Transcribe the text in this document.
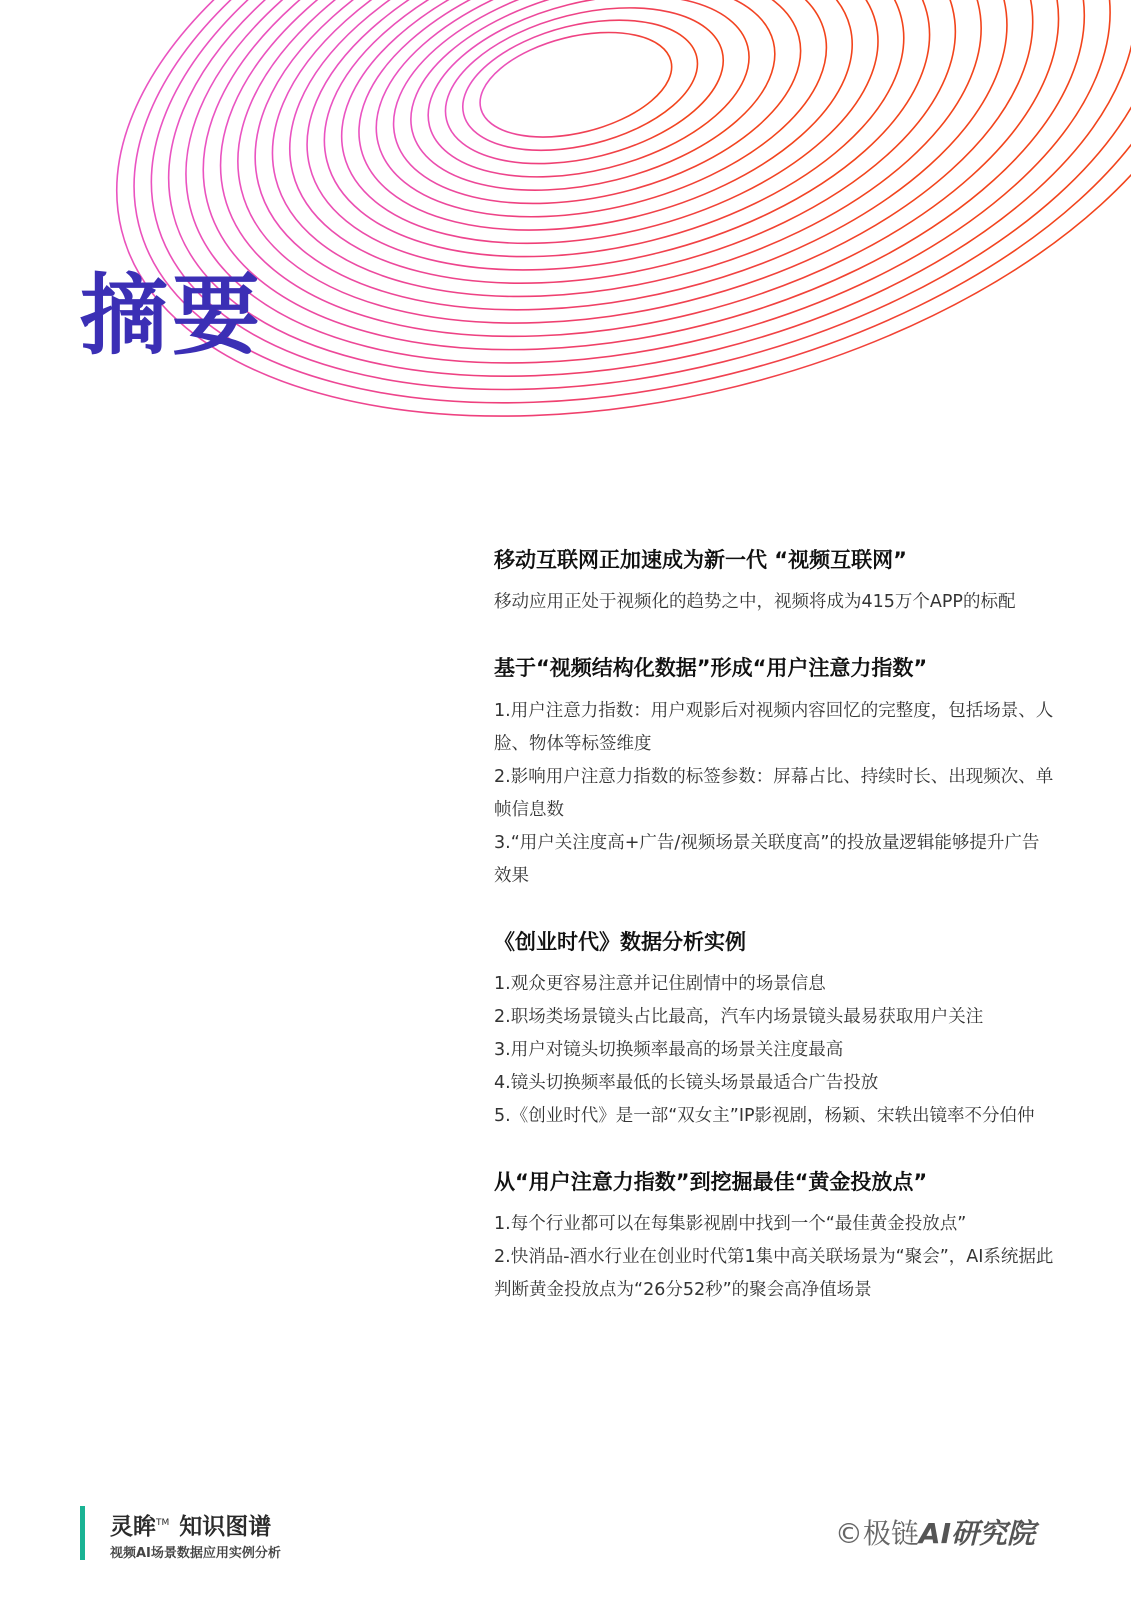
摘要
移动互联网正加速成为新一代 “视频互联网”

移动应用正处于视频化的趋势之中，视频将成为415万个APP的标配

基于“视频结构化数据”形成“用户注意力指数”

1.用户注意力指数：用户观影后对视频内容回忆的完整度，包括场景、人脸、物体等标签维度

2.影响用户注意力指数的标签参数：屏幕占比、持续时长、出现频次、单帧信息数

3.“用户关注度高+广告/视频场景关联度高”的投放量逻辑能够提升广告效果

《创业时代》数据分析实例

1.观众更容易注意并记住剧情中的场景信息

2.职场类场景镜头占比最高，汽车内场景镜头最易获取用户关注

3.用户对镜头切换频率最高的场景关注度最高

4.镜头切换频率最低的长镜头场景最适合广告投放

5.《创业时代》是一部“双女主”IP影视剧，杨颖、宋轶出镜率不分伯仲

从“用户注意力指数”到挖掘最佳“黄金投放点”

1.每个行业都可以在每集影视剧中找到一个“最佳黄金投放点”

2.快消品-酒水行业在创业时代第1集中高关联场景为“聚会”，AI系统据此判断黄金投放点为“26分52秒”的聚会高净值场景

灵眸™ 知识图谱
视频AI场景数据应用实例分析
©极链AI研究院
